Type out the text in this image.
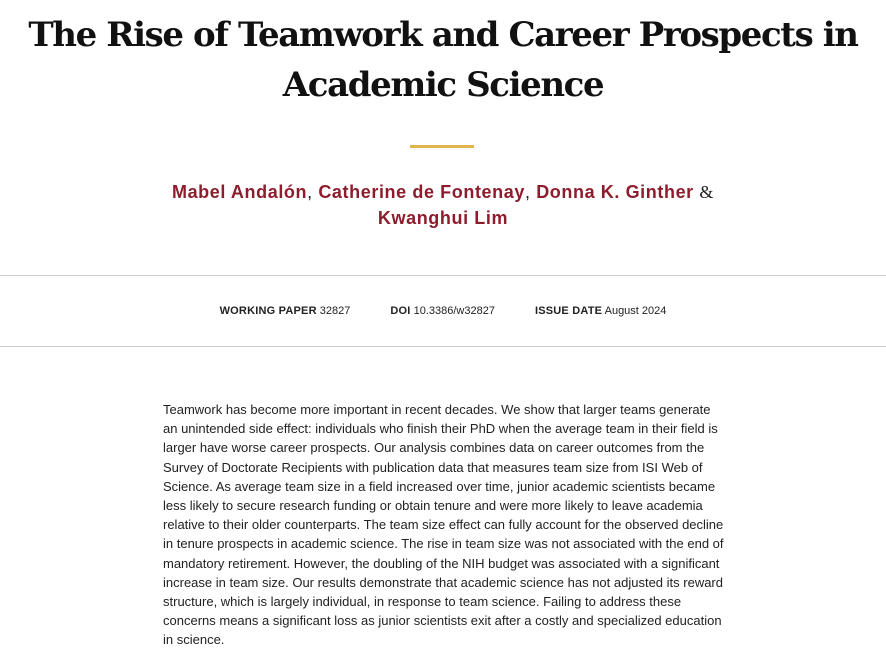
The Rise of Teamwork and Career Prospects in Academic Science
Mabel Andalón, Catherine de Fontenay, Donna K. Ginther & Kwanghui Lim
WORKING PAPER 32827	DOI 10.3386/w32827	ISSUE DATE August 2024

Teamwork has become more important in recent decades. We show that larger teams generate an unintended side effect: individuals who finish their PhD when the average team in their field is larger have worse career prospects. Our analysis combines data on career outcomes from the Survey of Doctorate Recipients with publication data that measures team size from ISI Web of Science. As average team size in a field increased over time, junior academic scientists became less likely to secure research funding or obtain tenure and were more likely to leave academia relative to their older counterparts. The team size effect can fully account for the observed decline in tenure prospects in academic science. The rise in team size was not associated with the end of mandatory retirement. However, the doubling of the NIH budget was associated with a significant increase in team size. Our results demonstrate that academic science has not adjusted its reward structure, which is largely individual, in response to team science. Failing to address these concerns means a significant loss as junior scientists exit after a costly and specialized education in science.
